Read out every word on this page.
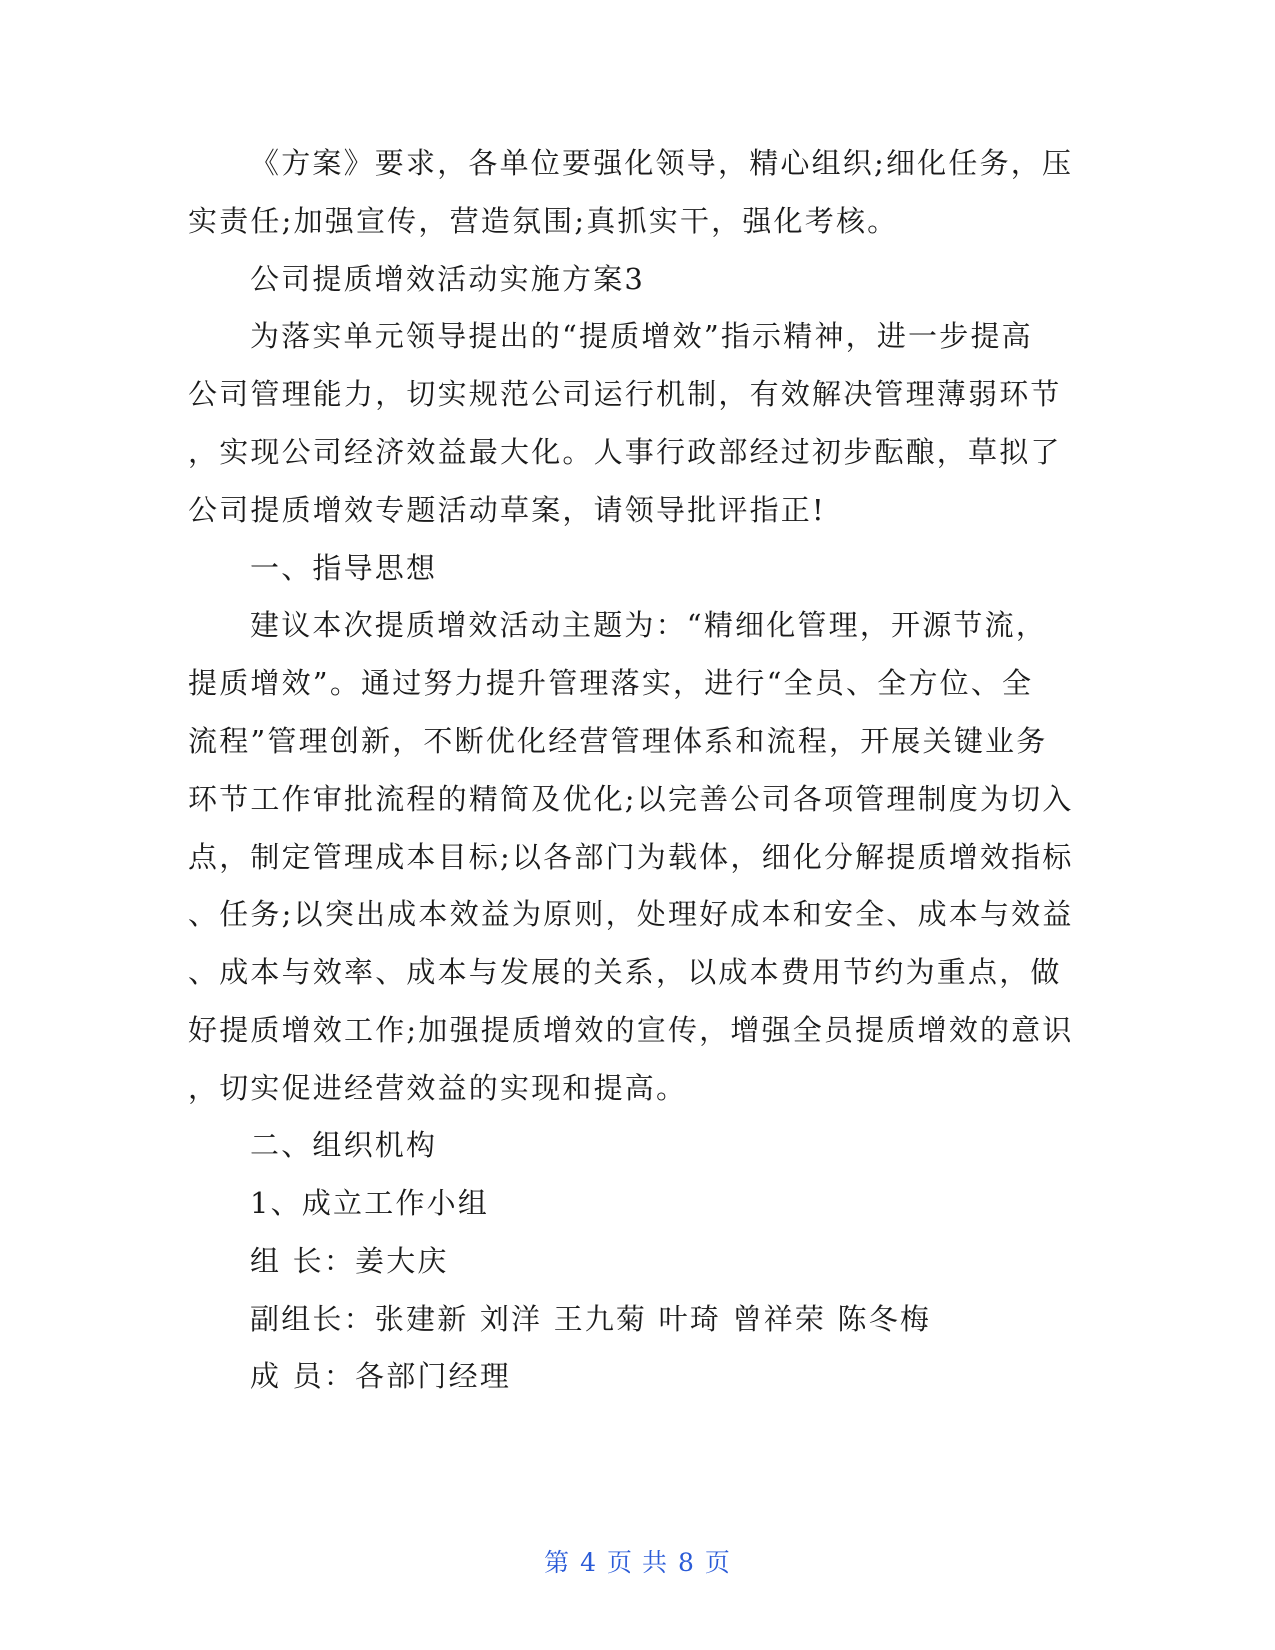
《方案》要求，各单位要强化领导，精心组织;细化任务，压
实责任;加强宣传，营造氛围;真抓实干，强化考核。
公司提质增效活动实施方案3
为落实单元领导提出的“提质增效”指示精神，进一步提高
公司管理能力，切实规范公司运行机制，有效解决管理薄弱环节
，实现公司经济效益最大化。人事行政部经过初步酝酿，草拟了
公司提质增效专题活动草案，请领导批评指正!
一、指导思想
建议本次提质增效活动主题为：“精细化管理，开源节流，
提质增效”。通过努力提升管理落实，进行“全员、全方位、全
流程”管理创新，不断优化经营管理体系和流程，开展关键业务
环节工作审批流程的精简及优化;以完善公司各项管理制度为切入
点，制定管理成本目标;以各部门为载体，细化分解提质增效指标
、任务;以突出成本效益为原则，处理好成本和安全、成本与效益
、成本与效率、成本与发展的关系，以成本费用节约为重点，做
好提质增效工作;加强提质增效的宣传，增强全员提质增效的意识
，切实促进经营效益的实现和提高。
二、组织机构
1、成立工作小组
组 长：姜大庆
副组长：张建新 刘洋 王九菊 叶琦 曾祥荣 陈冬梅
成 员：各部门经理
第 4 页 共 8 页
